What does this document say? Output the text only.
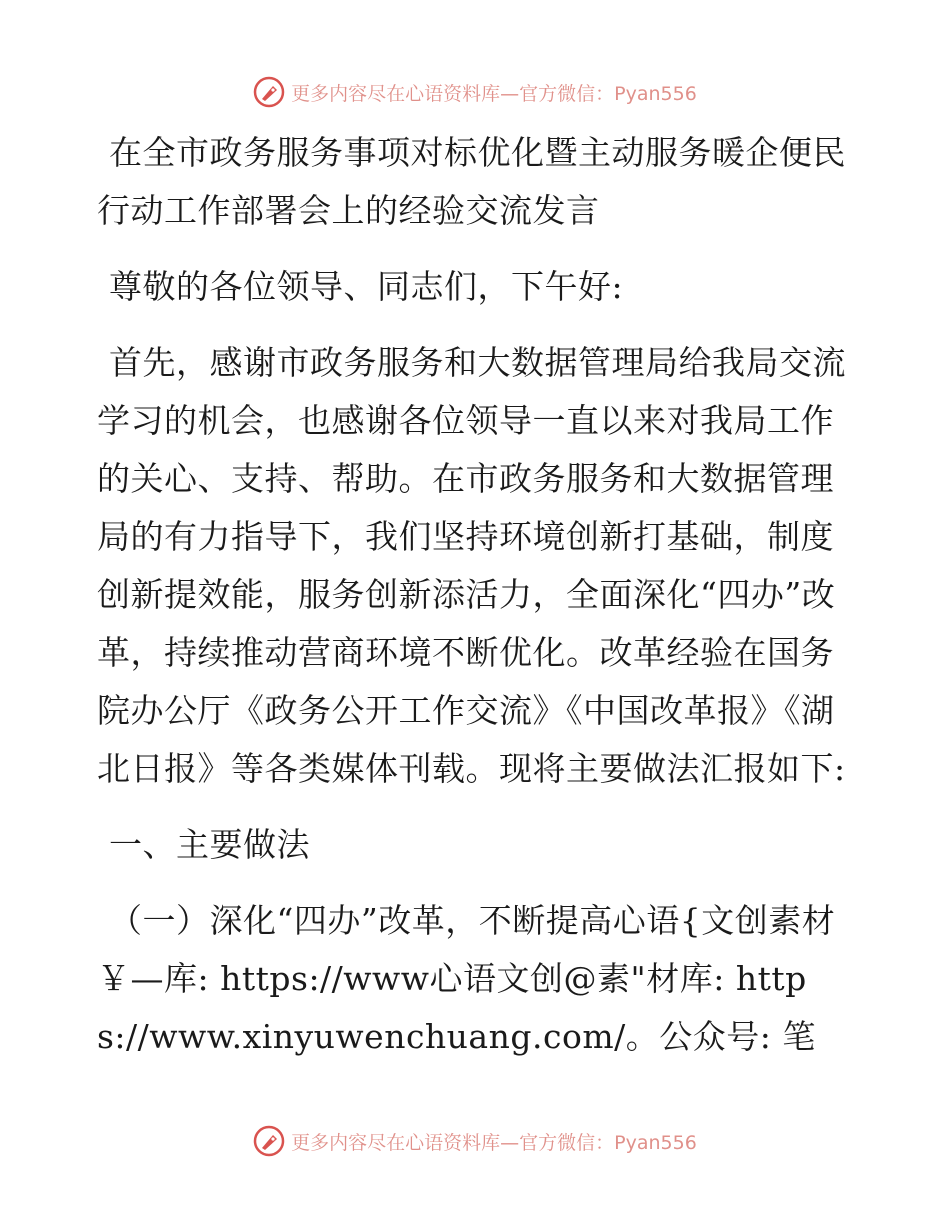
更多内容尽在心语资料库—官方微信：Pyan556

在全市政务服务事项对标优化暨主动服务暖企便民行动工作部署会上的经验交流发言

尊敬的各位领导、同志们，下午好:

首先，感谢市政务服务和大数据管理局给我局交流学习的机会，也感谢各位领导一直以来对我局工作的关心、支持、帮助。在市政务服务和大数据管理局的有力指导下，我们坚持环境创新打基础，制度创新提效能，服务创新添活力，全面深化“四办”改革，持续推动营商环境不断优化。改革经验在国务院办公厅《政务公开工作交流》《中国改革报》《湖北日报》等各类媒体刊载。现将主要做法汇报如下:

一、主要做法

（一）深化“四办”改革，不断提高心语{文创素材￥—库: https://www心语文创@素"材库: https://www.xinyuwenchuang.com/。公众号: 笔

更多内容尽在心语资料库—官方微信：Pyan556
